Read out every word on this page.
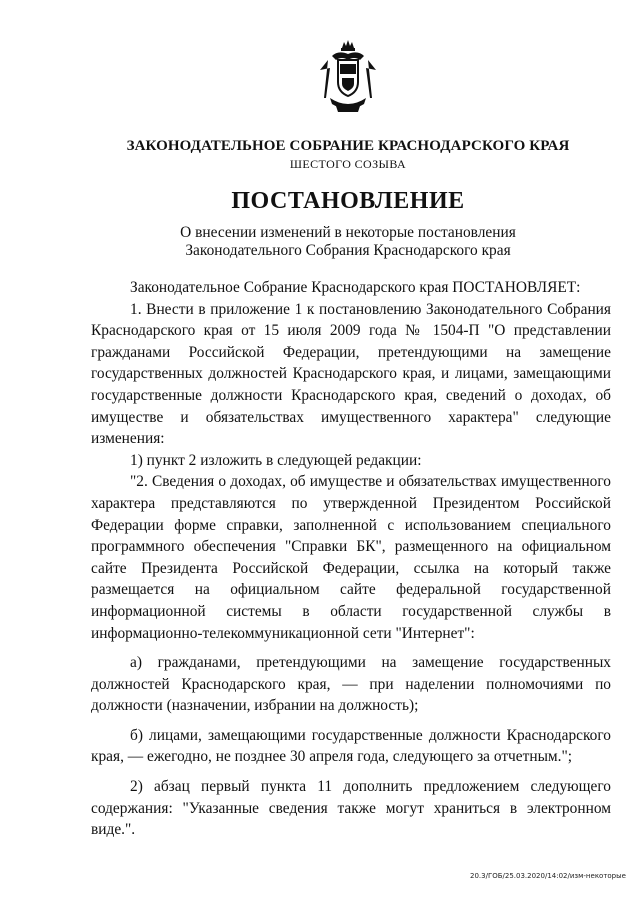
ЗАКОНОДАТЕЛЬНОЕ СОБРАНИЕ КРАСНОДАРСКОГО КРАЯ
ШЕСТОГО СОЗЫВА
ПОСТАНОВЛЕНИЕ
О внесении изменений в некоторые постановления
Законодательного Собрания Краснодарского края

Законодательное Собрание Краснодарского края ПОСТАНОВЛЯЕТ:

1. Внести в приложение 1 к постановлению Законодательного Собрания Краснодарского края от 15 июля 2009 года № 1504-П "О представлении гражданами Российской Федерации, претендующими на замещение государственных должностей Краснодарского края, и лицами, замещающими государственные должности Краснодарского края, сведений о доходах, об имуществе и обязательствах имущественного характера" следующие изменения:

1) пункт 2 изложить в следующей редакции:

"2. Сведения о доходах, об имуществе и обязательствах имущественного характера представляются по утвержденной Президентом Российской Федерации форме справки, заполненной с использованием специального программного обеспечения "Справки БК", размещенного на официальном сайте Президента Российской Федерации, ссылка на который также размещается на официальном сайте федеральной государственной информационной системы в области государственной службы в информационно-телекоммуникационной сети "Интернет":

а) гражданами, претендующими на замещение государственных должностей Краснодарского края, — при наделении полномочиями по должности (назначении, избрании на должность);

б) лицами, замещающими государственные должности Краснодарского края, — ежегодно, не позднее 30 апреля года, следующего за отчетным.";

2) абзац первый пункта 11 дополнить предложением следующего содержания: "Указанные сведения также могут храниться в электронном виде.".

20.3/ГОБ/25.03.2020/14:02/изм-некоторые
